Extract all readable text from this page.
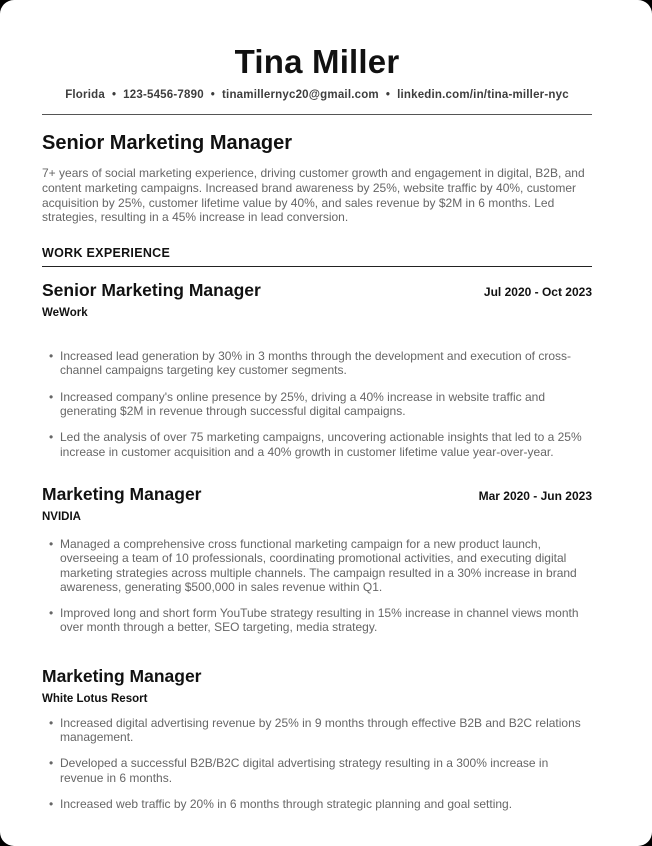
Tina Miller
Florida • 123-5456-7890 • tinamillernyc20@gmail.com • linkedin.com/in/tina-miller-nyc
Senior Marketing Manager

7+ years of social marketing experience, driving customer growth and engagement in digital, B2B, and content marketing campaigns. Increased brand awareness by 25%, website traffic by 40%, customer acquisition by 25%, customer lifetime value by 40%, and sales revenue by $2M in 6 months. Led strategies, resulting in a 45% increase in lead conversion.

WORK EXPERIENCE
Senior Marketing Manager	Jul 2020 - Oct 2023
WeWork
• Increased lead generation by 30% in 3 months through the development and execution of cross-channel campaigns targeting key customer segments.
• Increased company's online presence by 25%, driving a 40% increase in website traffic and generating $2M in revenue through successful digital campaigns.
• Led the analysis of over 75 marketing campaigns, uncovering actionable insights that led to a 25% increase in customer acquisition and a 40% growth in customer lifetime value year-over-year.
Marketing Manager	Mar 2020 - Jun 2023
NVIDIA
• Managed a comprehensive cross functional marketing campaign for a new product launch, overseeing a team of 10 professionals, coordinating promotional activities, and executing digital marketing strategies across multiple channels. The campaign resulted in a 30% increase in brand awareness, generating $500,000 in sales revenue within Q1.
• Improved long and short form YouTube strategy resulting in 15% increase in channel views month over month through a better, SEO targeting, media strategy.
Marketing Manager
White Lotus Resort
• Increased digital advertising revenue by 25% in 9 months through effective B2B and B2C relations management.
• Developed a successful B2B/B2C digital advertising strategy resulting in a 300% increase in revenue in 6 months.
• Increased web traffic by 20% in 6 months through strategic planning and goal setting.
